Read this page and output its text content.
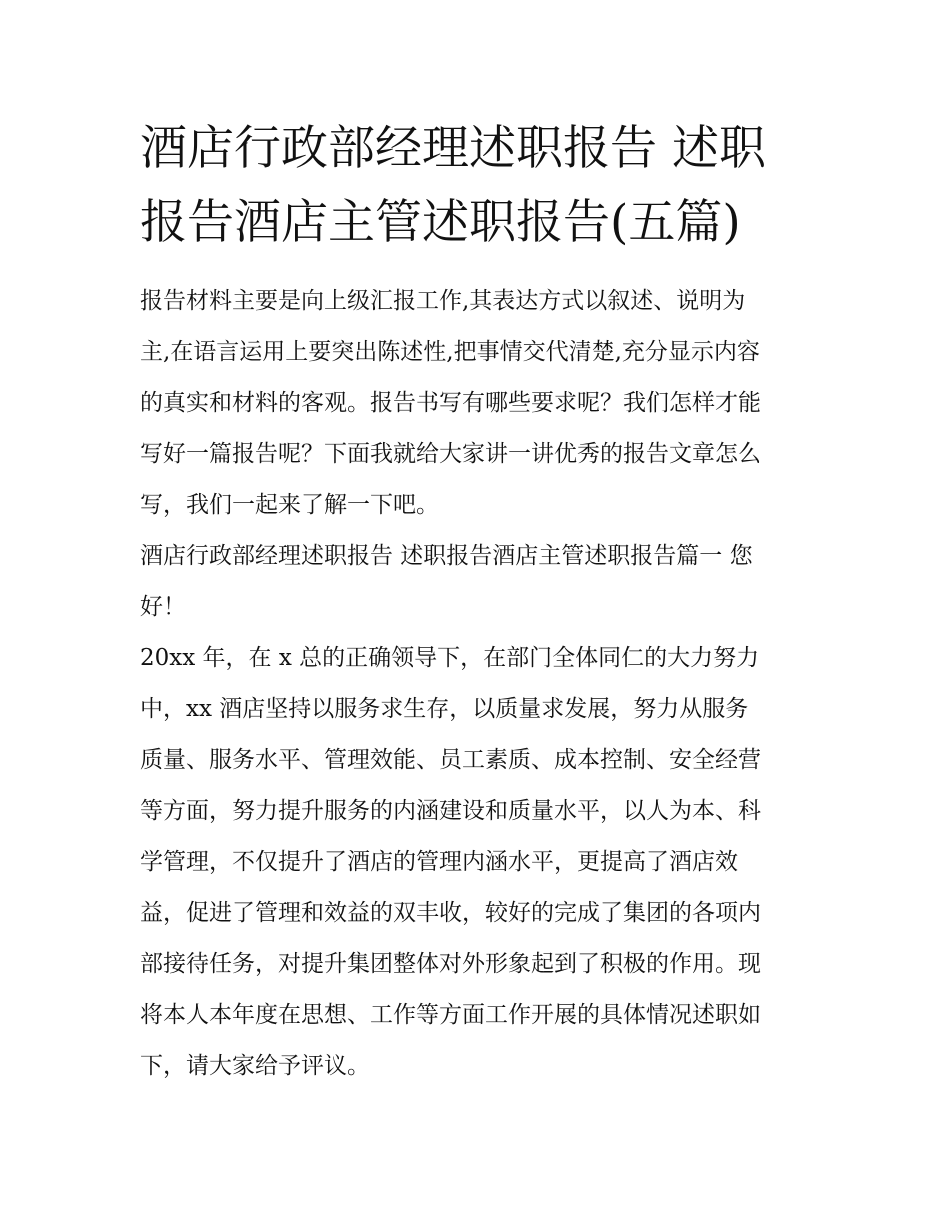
酒店行政部经理述职报告 述职
报告酒店主管述职报告(五篇)

报告材料主要是向上级汇报工作,其表达方式以叙述、说明为
主,在语言运用上要突出陈述性,把事情交代清楚,充分显示内容
的真实和材料的客观。报告书写有哪些要求呢？我们怎样才能
写好一篇报告呢？下面我就给大家讲一讲优秀的报告文章怎么
写，我们一起来了解一下吧。

酒店行政部经理述职报告 述职报告酒店主管述职报告篇一 您
好！

20xx 年，在 x 总的正确领导下，在部门全体同仁的大力努力
中，xx 酒店坚持以服务求生存，以质量求发展，努力从服务
质量、服务水平、管理效能、员工素质、成本控制、安全经营
等方面，努力提升服务的内涵建设和质量水平，以人为本、科
学管理，不仅提升了酒店的管理内涵水平，更提高了酒店效
益，促进了管理和效益的双丰收，较好的完成了集团的各项内
部接待任务，对提升集团整体对外形象起到了积极的作用。现
将本人本年度在思想、工作等方面工作开展的具体情况述职如
下，请大家给予评议。
